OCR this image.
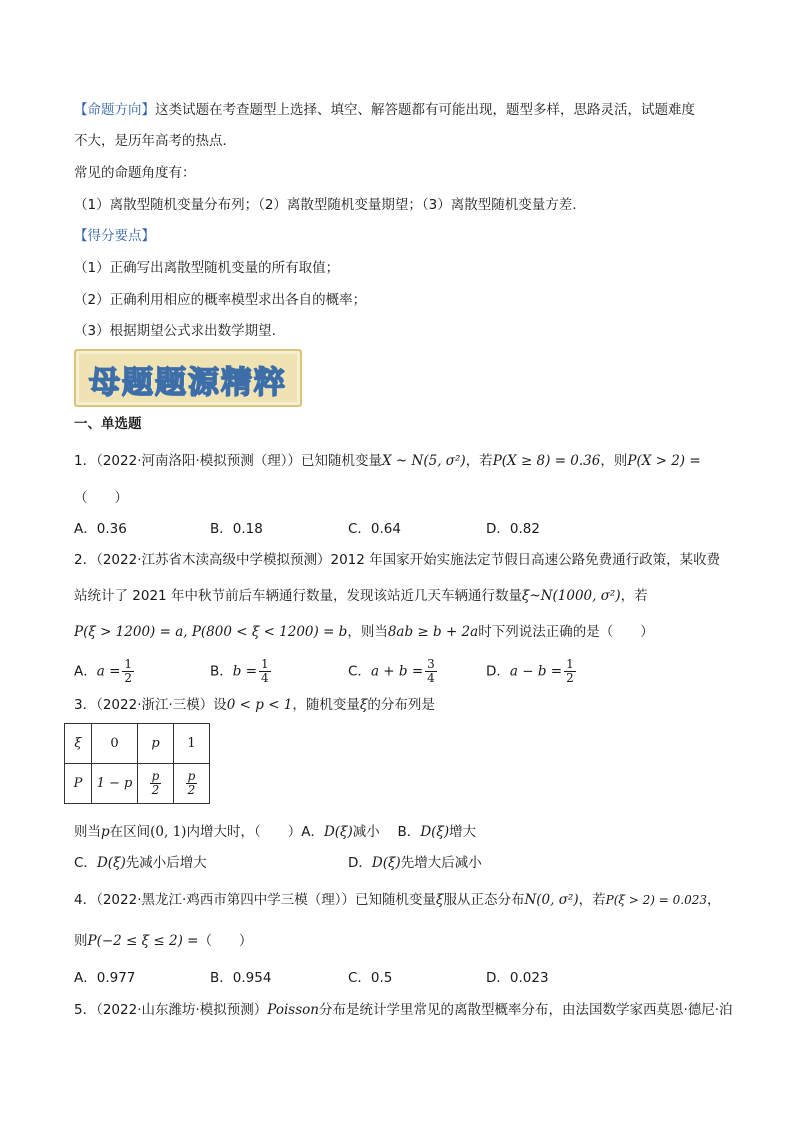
【命题方向】这类试题在考查题型上选择、填空、解答题都有可能出现，题型多样，思路灵活，试题难度
不大，是历年高考的热点．
常见的命题角度有：
（1）离散型随机变量分布列；（2）离散型随机变量期望；（3）离散型随机变量方差.
【得分要点】
（1）正确写出离散型随机变量的所有取值；
（2）正确利用相应的概率模型求出各自的概率；
（3）根据期望公式求出数学期望.
母题题源精粹
一、单选题
1．（2022·河南洛阳·模拟预测（理））已知随机变量X ~ N(5, σ²)，若P(X ≥ 8) = 0.36，则P(X > 2) =
（　　）
A．0.36	B．0.18	C．0.64	D．0.82
2．（2022·江苏省木渎高级中学模拟预测）2012 年国家开始实施法定节假日高速公路免费通行政策，某收费
站统计了 2021 年中秋节前后车辆通行数量，发现该站近几天车辆通行数量ξ~N(1000, σ²)，若
P(ξ > 1200) = a, P(800 < ξ < 1200) = b，则当8ab ≥ b + 2a时下列说法正确的是（　　）
A．$a = \frac{1}{2}$	B．$b = \frac{1}{4}$	C．$a + b = \frac{3}{4}$	D．$a - b = \frac{1}{2}$
3．（2022·浙江·三模）设0 < p < 1，随机变量ξ的分布列是
ξ	0	p	1
P	1 − p	$\frac{p}{2}$	$\frac{p}{2}$
则当p在区间(0, 1)内增大时，（　　）A．D(ξ)减小　 B．D(ξ)增大
C．D(ξ)先减小后增大	D．D(ξ)先增大后减小
4．（2022·黑龙江·鸡西市第四中学三模（理））已知随机变量ξ服从正态分布N(0, σ²)，若P(ξ > 2) = 0.023，
则P(−2 ≤ ξ ≤ 2) =（　　）
A．0.977	B．0.954	C．0.5	D．0.023
5．（2022·山东潍坊·模拟预测）Poisson分布是统计学里常见的离散型概率分布，由法国数学家西莫恩·德尼·泊
